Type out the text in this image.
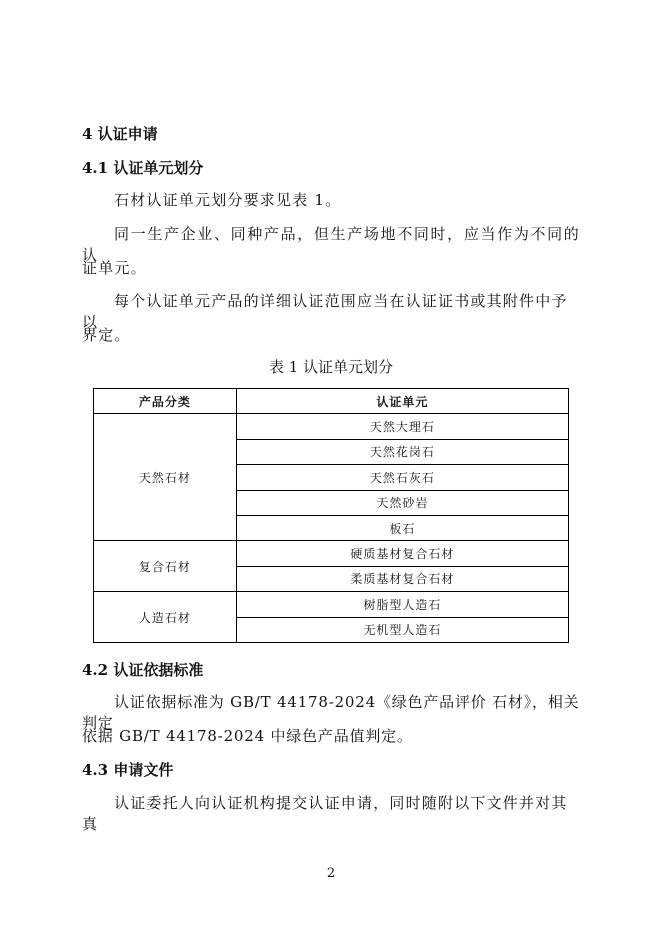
4 认证申请
4.1 认证单元划分
石材认证单元划分要求见表 1。
同一生产企业、同种产品，但生产场地不同时，应当作为不同的认
证单元。
每个认证单元产品的详细认证范围应当在认证证书或其附件中予以
界定。
表 1 认证单元划分
产品分类	认证单元
天然石材	天然大理石
	天然花岗石
	天然石灰石
	天然砂岩
	板石
复合石材	硬质基材复合石材
	柔质基材复合石材
人造石材	树脂型人造石
	无机型人造石
4.2 认证依据标准
认证依据标准为 GB/T 44178-2024《绿色产品评价 石材》，相关判定
依据 GB/T 44178-2024 中绿色产品值判定。
4.3 申请文件
认证委托人向认证机构提交认证申请，同时随附以下文件并对其真
2
